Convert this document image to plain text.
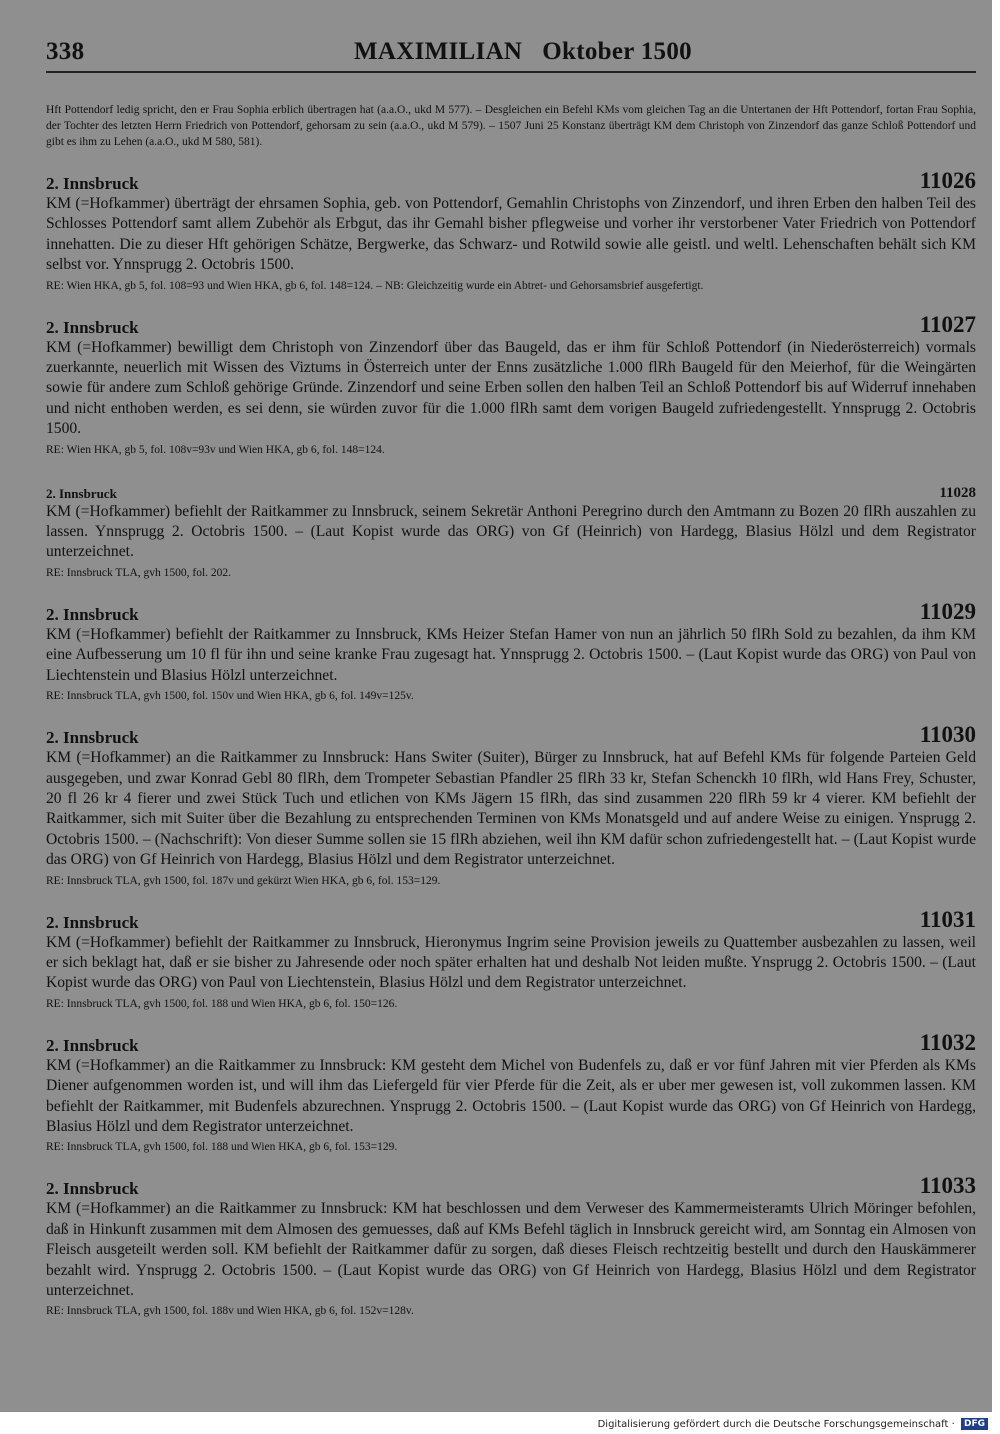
338	MAXIMILIAN Oktober 1500

Hft Pottendorf ledig spricht, den er Frau Sophia erblich übertragen hat (a.a.O., ukd M 577). – Desgleichen ein Befehl KMs vom gleichen Tag an die Untertanen der Hft Pottendorf, fortan Frau Sophia, der Tochter des letzten Herrn Friedrich von Pottendorf, gehorsam zu sein (a.a.O., ukd M 579). – 1507 Juni 25 Konstanz überträgt KM dem Christoph von Zinzendorf das ganze Schloß Pottendorf und gibt es ihm zu Lehen (a.a.O., ukd M 580, 581).

2. Innsbruck	11026

KM (=Hofkammer) überträgt der ehrsamen Sophia, geb. von Pottendorf, Gemahlin Christophs von Zinzendorf, und ihren Erben den halben Teil des Schlosses Pottendorf samt allem Zubehör als Erbgut, das ihr Gemahl bisher pflegweise und vorher ihr verstorbener Vater Friedrich von Pottendorf innehatten. Die zu dieser Hft gehörigen Schätze, Bergwerke, das Schwarz- und Rotwild sowie alle geistl. und weltl. Lehenschaften behält sich KM selbst vor. Ynnsprugg 2. Octobris 1500.

RE: Wien HKA, gb 5, fol. 108=93 und Wien HKA, gb 6, fol. 148=124. – NB: Gleichzeitig wurde ein Abtret- und Gehorsamsbrief ausgefertigt.

2. Innsbruck	11027

KM (=Hofkammer) bewilligt dem Christoph von Zinzendorf über das Baugeld, das er ihm für Schloß Pottendorf (in Niederösterreich) vormals zuerkannte, neuerlich mit Wissen des Viztums in Österreich unter der Enns zusätzliche 1.000 flRh Baugeld für den Meierhof, für die Weingärten sowie für andere zum Schloß gehörige Gründe. Zinzendorf und seine Erben sollen den halben Teil an Schloß Pottendorf bis auf Widerruf innehaben und nicht enthoben werden, es sei denn, sie würden zuvor für die 1.000 flRh samt dem vorigen Baugeld zufriedengestellt. Ynnsprugg 2. Octobris 1500.

RE: Wien HKA, gb 5, fol. 108v=93v und Wien HKA, gb 6, fol. 148=124.

2. Innsbruck	11028

KM (=Hofkammer) befiehlt der Raitkammer zu Innsbruck, seinem Sekretär Anthoni Peregrino durch den Amtmann zu Bozen 20 flRh auszahlen zu lassen. Ynnsprugg 2. Octobris 1500. – (Laut Kopist wurde das ORG) von Gf (Heinrich) von Hardegg, Blasius Hölzl und dem Registrator unterzeichnet.

RE: Innsbruck TLA, gvh 1500, fol. 202.

2. Innsbruck	11029

KM (=Hofkammer) befiehlt der Raitkammer zu Innsbruck, KMs Heizer Stefan Hamer von nun an jährlich 50 flRh Sold zu bezahlen, da ihm KM eine Aufbesserung um 10 fl für ihn und seine kranke Frau zugesagt hat. Ynnsprugg 2. Octobris 1500. – (Laut Kopist wurde das ORG) von Paul von Liechtenstein und Blasius Hölzl unterzeichnet.

RE: Innsbruck TLA, gvh 1500, fol. 150v und Wien HKA, gb 6, fol. 149v=125v.

2. Innsbruck	11030

KM (=Hofkammer) an die Raitkammer zu Innsbruck: Hans Switer (Suiter), Bürger zu Innsbruck, hat auf Befehl KMs für folgende Parteien Geld ausgegeben, und zwar Konrad Gebl 80 flRh, dem Trompeter Sebastian Pfandler 25 flRh 33 kr, Stefan Schenckh 10 flRh, wld Hans Frey, Schuster, 20 fl 26 kr 4 fierer und zwei Stück Tuch und etlichen von KMs Jägern 15 flRh, das sind zusammen 220 flRh 59 kr 4 vierer. KM befiehlt der Raitkammer, sich mit Suiter über die Bezahlung zu entsprechenden Terminen von KMs Monatsgeld und auf andere Weise zu einigen. Ynsprugg 2. Octobris 1500. – (Nachschrift): Von dieser Summe sollen sie 15 flRh abziehen, weil ihn KM dafür schon zufriedengestellt hat. – (Laut Kopist wurde das ORG) von Gf Heinrich von Hardegg, Blasius Hölzl und dem Registrator unterzeichnet.

RE: Innsbruck TLA, gvh 1500, fol. 187v und gekürzt Wien HKA, gb 6, fol. 153=129.

2. Innsbruck	11031

KM (=Hofkammer) befiehlt der Raitkammer zu Innsbruck, Hieronymus Ingrim seine Provision jeweils zu Quattember ausbezahlen zu lassen, weil er sich beklagt hat, daß er sie bisher zu Jahresende oder noch später erhalten hat und deshalb Not leiden mußte. Ynsprugg 2. Octobris 1500. – (Laut Kopist wurde das ORG) von Paul von Liechtenstein, Blasius Hölzl und dem Registrator unterzeichnet.

RE: Innsbruck TLA, gvh 1500, fol. 188 und Wien HKA, gb 6, fol. 150=126.

2. Innsbruck	11032

KM (=Hofkammer) an die Raitkammer zu Innsbruck: KM gesteht dem Michel von Budenfels zu, daß er vor fünf Jahren mit vier Pferden als KMs Diener aufgenommen worden ist, und will ihm das Liefergeld für vier Pferde für die Zeit, als er uber mer gewesen ist, voll zukommen lassen. KM befiehlt der Raitkammer, mit Budenfels abzurechnen. Ynsprugg 2. Octobris 1500. – (Laut Kopist wurde das ORG) von Gf Heinrich von Hardegg, Blasius Hölzl und dem Registrator unterzeichnet.

RE: Innsbruck TLA, gvh 1500, fol. 188 und Wien HKA, gb 6, fol. 153=129.

2. Innsbruck	11033

KM (=Hofkammer) an die Raitkammer zu Innsbruck: KM hat beschlossen und dem Verweser des Kammermeisteramts Ulrich Möringer befohlen, daß in Hinkunft zusammen mit dem Almosen des gemuesses, daß auf KMs Befehl täglich in Innsbruck gereicht wird, am Sonntag ein Almosen von Fleisch ausgeteilt werden soll. KM befiehlt der Raitkammer dafür zu sorgen, daß dieses Fleisch rechtzeitig bestellt und durch den Hauskämmerer bezahlt wird. Ynsprugg 2. Octobris 1500. – (Laut Kopist wurde das ORG) von Gf Heinrich von Hardegg, Blasius Hölzl und dem Registrator unterzeichnet.

RE: Innsbruck TLA, gvh 1500, fol. 188v und Wien HKA, gb 6, fol. 152v=128v.

Digitalisierung gefördert durch die Deutsche Forschungsgemeinschaft · DFG
